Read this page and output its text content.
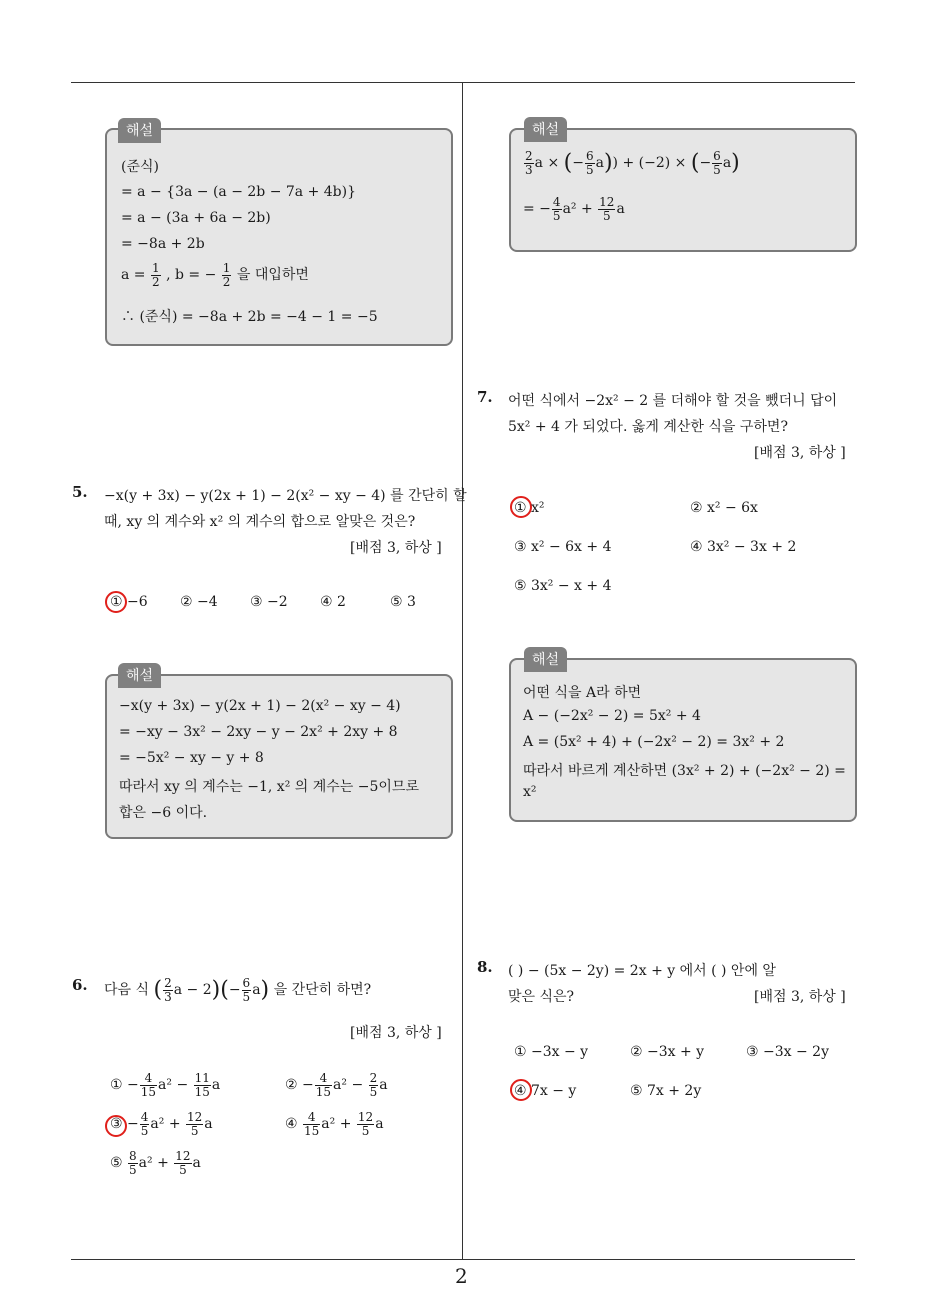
(준식)
= a − {3a − (a − 2b − 7a + 4b)}
= a − (3a + 6a − 2b)
= −8a + 2b
$a = \frac{1}{2}$ , b = − $\frac{1}{2}$ 을 대입하면
∴ (준식) = −8a + 2b = −4 − 1 = −5
해설
5. −x(y + 3x) − y(2x + 1) − 2(x² − xy − 4) 를 간단히 할
때, xy 의 계수와 x² 의 계수의 합으로 알맞은 것은?
[배점 3, 하상 ]
① −6 ② −4 ③ −2 ④ 2	⑤ 3
−x(y + 3x) − y(2x + 1) − 2(x² − xy − 4)
= −xy − 3x² − 2xy − y − 2x² + 2xy + 8
= −5x² − xy − y + 8
따라서 xy 의 계수는 −1, x² 의 계수는 −5이므로
합은 −6 이다.
해설
6. 다음 식 ( $\frac{2}{3}$ $a - 2)(- \frac{6}{5} a)$ 을 간단히 하면?
[배점 3, 하상 ]
① − $\frac{4}{15} a^2 - \frac{11}{15}$ a	② − $\frac{4}{15} a^2 - \frac{2}{5}$ a
③ − $\frac{4}{5} a^2 + \frac{12}{5}$ a	④ $\frac{4}{15} a^2 + \frac{12}{5}$ a
⑤ $\frac{8}{5} a^2 + \frac{12}{5}$ a
$\frac{2}{3}$ a × (− $\frac{6}{5} a)) + (-2)$ × (− $\frac{6}{5} a$)
= − $\frac{4}{5} a^2 + \frac{12}{5}$ a
해설
7. 어떤 식에서 −2x² − 2 를 더해야 할 것을 뺐더니 답이
5x² + 4 가 되었다. 옳게 계산한 식을 구하면?
[배점 3, 하상 ]
① x²	② x² − 6x
③ x² − 6x + 4	④ 3x² − 3x + 2
⑤ 3x² − x + 4
어떤 식을 A라 하면
A − (−2x² − 2) = 5x² + 4
A = (5x² + 4) + (−2x² − 2) = 3x² + 2
따라서 바르게 계산하면 (3x² + 2) + (−2x² − 2) =
x²
해설
8. ( ) − (5x − 2y) = 2x + y 에서 ( ) 안에 알
맞은 식은?	[배점 3, 하상 ]
① −3x − y	② −3x + y	③ −3x − 2y
④ 7x − y	⑤ 7x + 2y
2
